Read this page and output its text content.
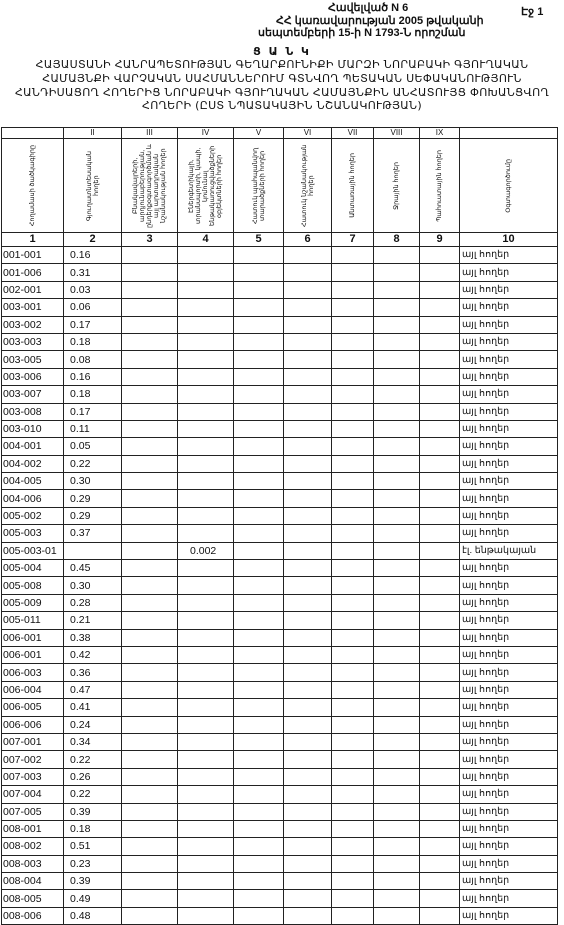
Հավելված N 6	Էջ 1
ՀՀ կառավարության 2005 թվականի
սեպտեմբերի 15-ի N 1793-Ն որոշման
Ց Ա Ն Կ
ՀԱՅԱՍՏԱՆԻ ՀԱՆՐԱՊԵՏՈՒԹՅԱՆ ԳԵՂԱՐՔՈՒՆԻՔԻ ՄԱՐԶԻ ՆՈՐԱԲԱԿԻ ԳՅՈՒՂԱԿԱՆ
ՀԱՄԱՅՆՔԻ ՎԱՐՉԱԿԱՆ ՍԱՀՄԱՆՆԵՐՈՒՄ ԳՏՆՎՈՂ ՊԵՏԱԿԱՆ ՍԵՓԱԿԱՆՈՒԹՅՈՒՆ
ՀԱՆԴԻՍԱՑՈՂ ՀՈՂԵՐԻՑ ՆՈՐԱԲԱԿԻ ԳՅՈՒՂԱԿԱՆ ՀԱՄԱՅՆՔԻՆ ԱՆՀԱՏՈՒՅՑ ՓՈԽԱՆՑՎՈՂ
ՀՈՂԵՐԻ (ԸՍՏ ՆՊԱՏԱԿԱՅԻՆ ՆՇԱՆԱԿՈՒԹՅԱՆ)
	II	III	IV	V	VI	VII	VIII	IX	

Հողամասի ծածկագիրը	Գյուղատնտեսական հողեր	Բնակավայրերի, արդյունաբերության, ընդերքօգտագործման և այլ արտադրական նշանակության հողեր	Էներգետիկայի, տրանսպորտի, կապի, կոմունալ ենթակառուցվածքների օբյեկտների հողեր	Հատուկ պահպանվող տարածքների հողեր	Հատուկ նշանակության հողեր	Անտառային հողեր	Ջրային հողեր	Պահուստային հողեր	Օգտագործումը

1	2	3	4	5	6	7	8	9	10
001-001	0.16								այլ հողեր
001-006	0.31								այլ հողեր
002-001	0.03								այլ հողեր
003-001	0.06								այլ հողեր
003-002	0.17								այլ հողեր
003-003	0.18								այլ հողեր
003-005	0.08								այլ հողեր
003-006	0.16								այլ հողեր
003-007	0.18								այլ հողեր
003-008	0.17								այլ հողեր
003-010	0.11								այլ հողեր
004-001	0.05								այլ հողեր
004-002	0.22								այլ հողեր
004-005	0.30								այլ հողեր
004-006	0.29								այլ հողեր
005-002	0.29								այլ հողեր
005-003	0.37								այլ հողեր
005-003-01			0.002						էլ. ենթակայան
005-004	0.45								այլ հողեր
005-008	0.30								այլ հողեր
005-009	0.28								այլ հողեր
005-011	0.21								այլ հողեր
006-001	0.38								այլ հողեր
006-001	0.42								այլ հողեր
006-003	0.36								այլ հողեր
006-004	0.47								այլ հողեր
006-005	0.41								այլ հողեր
006-006	0.24								այլ հողեր
007-001	0.34								այլ հողեր
007-002	0.22								այլ հողեր
007-003	0.26								այլ հողեր
007-004	0.22								այլ հողեր
007-005	0.39								այլ հողեր
008-001	0.18								այլ հողեր
008-002	0.51								այլ հողեր
008-003	0.23								այլ հողեր
008-004	0.39								այլ հողեր
008-005	0.49								այլ հողեր
008-006	0.48								այլ հողեր
